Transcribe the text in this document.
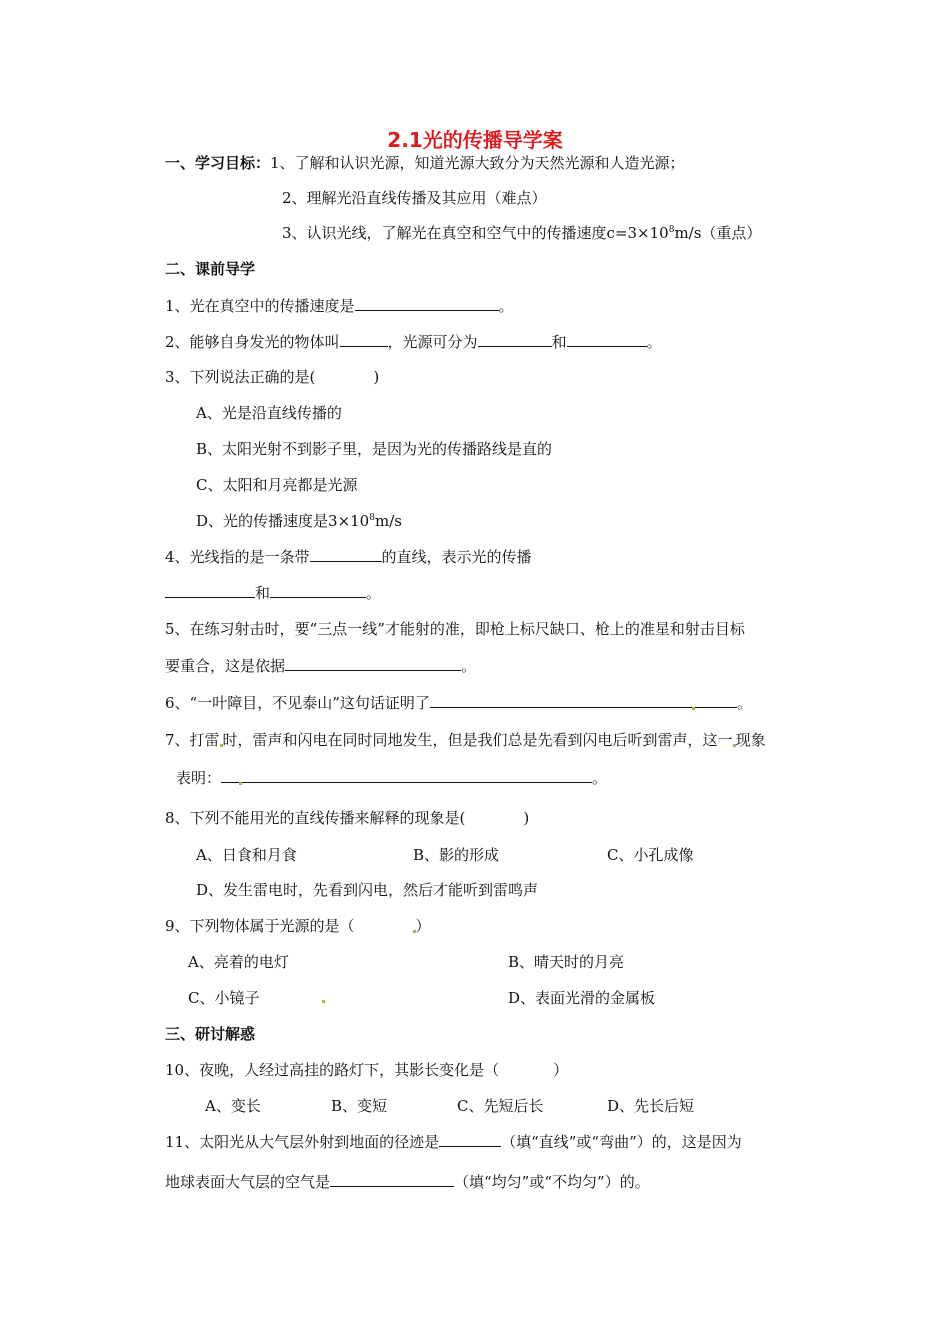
2.1光的传播导学案
一、学习目标：1、了解和认识光源，知道光源大致分为天然光源和人造光源；
2、理解光沿直线传播及其应用（难点）
3、认识光线，了解光在真空和空气中的传播速度$c=3\times 10^8m/s$（重点）
二、课前导学
1、光在真空中的传播速度是	。
2、能够自身发光的物体叫	，光源可分为	和	。
3、下列说法正确的是(	)
A、光是沿直线传播的
B、太阳光射不到影子里，是因为光的传播路线是直的
C、太阳和月亮都是光源
D、光的传播速度是$3\times 10^8m/s$
4、光线指的是一条带	的直线，表示光的传播
和	。
5、在练习射击时，要“三点一线”才能射的准，即枪上标尺缺口、枪上的准星和射击目标
要重合，这是依据	。
6、“一叶障目，不见泰山”这句话证明了	。
7、打雷 时，雷声和闪电在同时同地发生，但是我们总是先看到闪电后听到雷声，这一 现象
表明：	。
8、下列不能用光的直线传播来解释的现象是(	)
A、日食和月食	B、影的形成	C、小孔成像
D、发生雷电时，先看到闪电，然后才能听到雷鸣声
9、下列物体属于光源的是（	）
A、亮着的电灯	B、晴天时的月亮
C、小镜子	D、表面光滑的金属板
三、研讨解惑
10、夜晚，人经过高挂的路灯下，其影长变化是（	）
A、变长	B、变短	C、先短后长	D、先长后短
11、太阳光从大气层外射到地面的径迹是	（填“直线”或“弯曲”）的，这是因为
地球表面大气层的空气是	（填“均匀”或“不均匀”）的。
